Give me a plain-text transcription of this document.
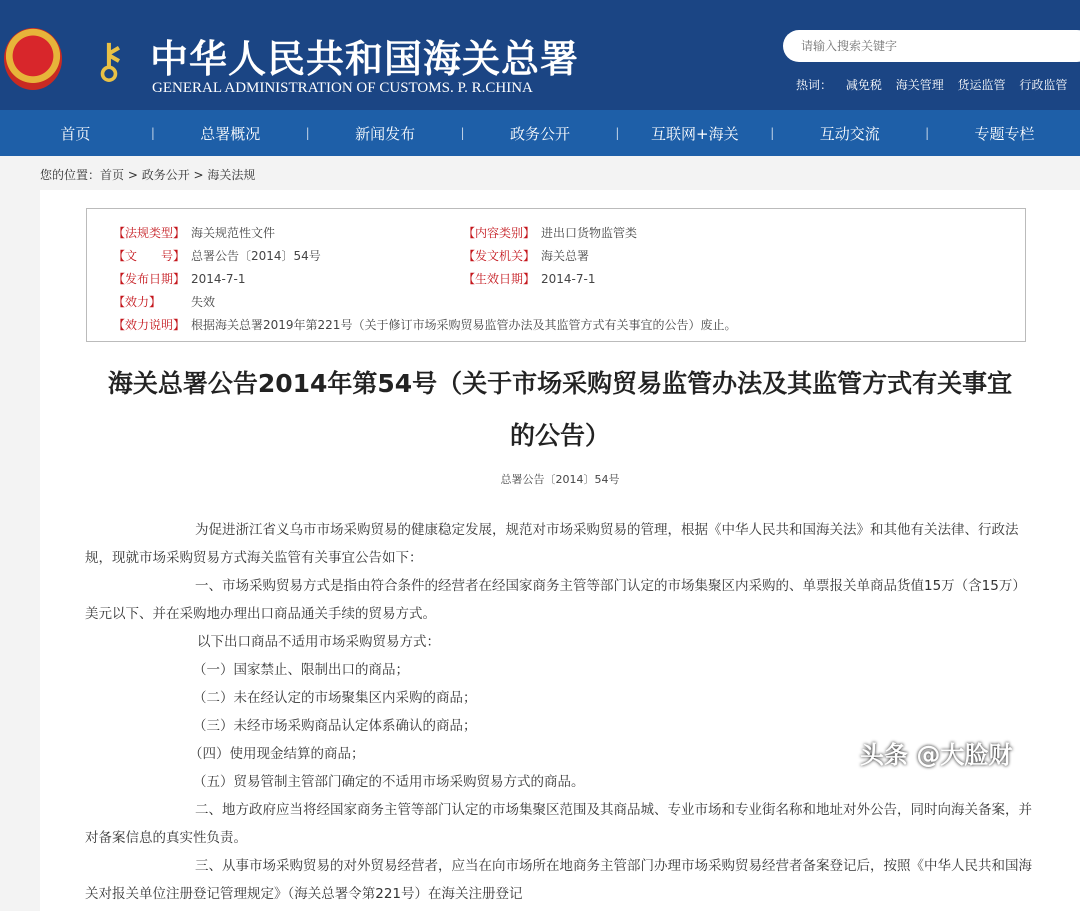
⚷ 中华人民共和国海关总署
GENERAL ADMINISTRATION OF CUSTOMS. P. R.CHINA
请输入搜索关键字	热词： 减免税 海关管理 货运监管 行政监管
首页	|	总署概况	|	新闻发布	|	政务公开	|	互联网+海关	|	互动交流	|	专题专栏
您的位置：首页 > 政务公开 > 海关法规
【法规类型】 海关规范性文件	【内容类别】 进出口货物监管类
【文　　号】 总署公告〔2014〕54号	【发文机关】 海关总署
【发布日期】 2014-7-1	【生效日期】 2014-7-1
【效力】 失效
【效力说明】 根据海关总署2019年第221号（关于修订市场采购贸易监管办法及其监管方式有关事宜的公告）废止。
海关总署公告2014年第54号（关于市场采购贸易监管办法及其监管方式有关事宜
的公告）
总署公告〔2014〕54号

为促进浙江省义乌市市场采购贸易的健康稳定发展，规范对市场采购贸易的管理，根据《中华人民共和国海关法》和其他有关法律、行政法规，现就市场采购贸易方式海关监管有关事宜公告如下：

一、市场采购贸易方式是指由符合条件的经营者在经国家商务主管等部门认定的市场集聚区内采购的、单票报关单商品货值15万（含15万）美元以下、并在采购地办理出口商品通关手续的贸易方式。

以下出口商品不适用市场采购贸易方式：

（一）国家禁止、限制出口的商品；

（二）未在经认定的市场聚集区内采购的商品；

（三）未经市场采购商品认定体系确认的商品；

（四）使用现金结算的商品；

（五）贸易管制主管部门确定的不适用市场采购贸易方式的商品。

二、地方政府应当将经国家商务主管等部门认定的市场集聚区范围及其商品城、专业市场和专业街名称和地址对外公告，同时向海关备案，并对备案信息的真实性负责。

三、从事市场采购贸易的对外贸易经营者，应当在向市场所在地商务主管部门办理市场采购贸易经营者备案登记后，按照《中华人民共和国海关对报关单位注册登记管理规定》（海关总署令第221号）在海关注册登记

头条 @大脸财
